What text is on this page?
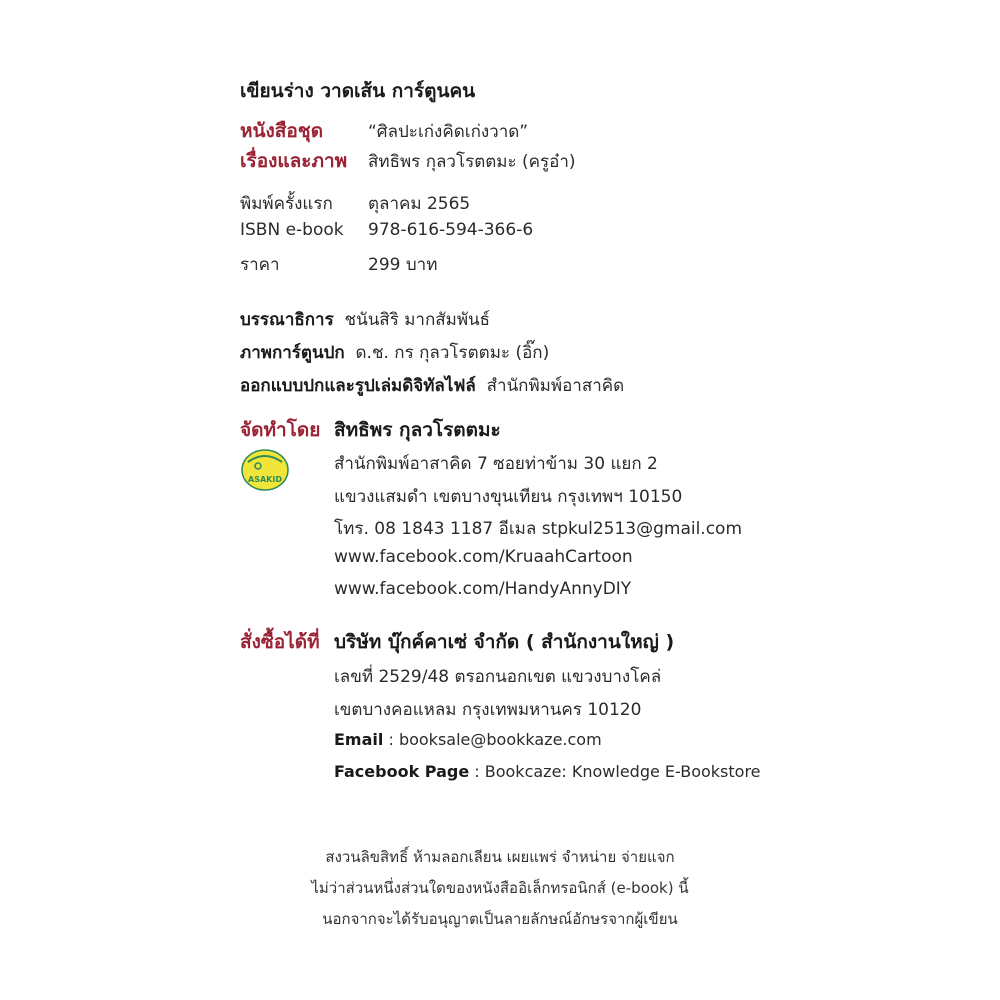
เขียนร่าง วาดเส้น การ์ตูนคน
หนังสือชุด	“ศิลปะเก่งคิดเก่งวาด”
เรื่องและภาพ สิทธิพร กุลวโรตตมะ (ครูอ๋า)
พิมพ์ครั้งแรก ตุลาคม 2565
ISBN e-book 978-616-594-366-6
ราคา	299 บาท
บรรณาธิการ ชนันสิริ มากสัมพันธ์
ภาพการ์ตูนปก ด.ช. กร กุลวโรตตมะ (อิ๊ก)
ออกแบบปกและรูปเล่มดิจิทัลไฟล์ สำนักพิมพ์อาสาคิด
จัดทำโดย สิทธิพร กุลวโรตตมะ
ASAKID
สำนักพิมพ์อาสาคิด 7 ซอยท่าข้าม 30 แยก 2
แขวงแสมดำ เขตบางขุนเทียน กรุงเทพฯ 10150
โทร. 08 1843 1187 อีเมล stpkul2513@gmail.com
www.facebook.com/KruaahCartoon
www.facebook.com/HandyAnnyDIY
สั่งซื้อได้ที่ บริษัท บุ๊กค์คาเซ่ จำกัด ( สำนักงานใหญ่ )
เลขที่ 2529/48 ตรอกนอกเขต แขวงบางโคล่
เขตบางคอแหลม กรุงเทพมหานคร 10120
Email : booksale@bookkaze.com
Facebook Page : Bookcaze: Knowledge E-Bookstore
สงวนลิขสิทธิ์ ห้ามลอกเลียน เผยแพร่ จำหน่าย จ่ายแจก
ไม่ว่าส่วนหนึ่งส่วนใดของหนังสืออิเล็กทรอนิกส์ (e-book) นี้
นอกจากจะได้รับอนุญาตเป็นลายลักษณ์อักษรจากผู้เขียน
